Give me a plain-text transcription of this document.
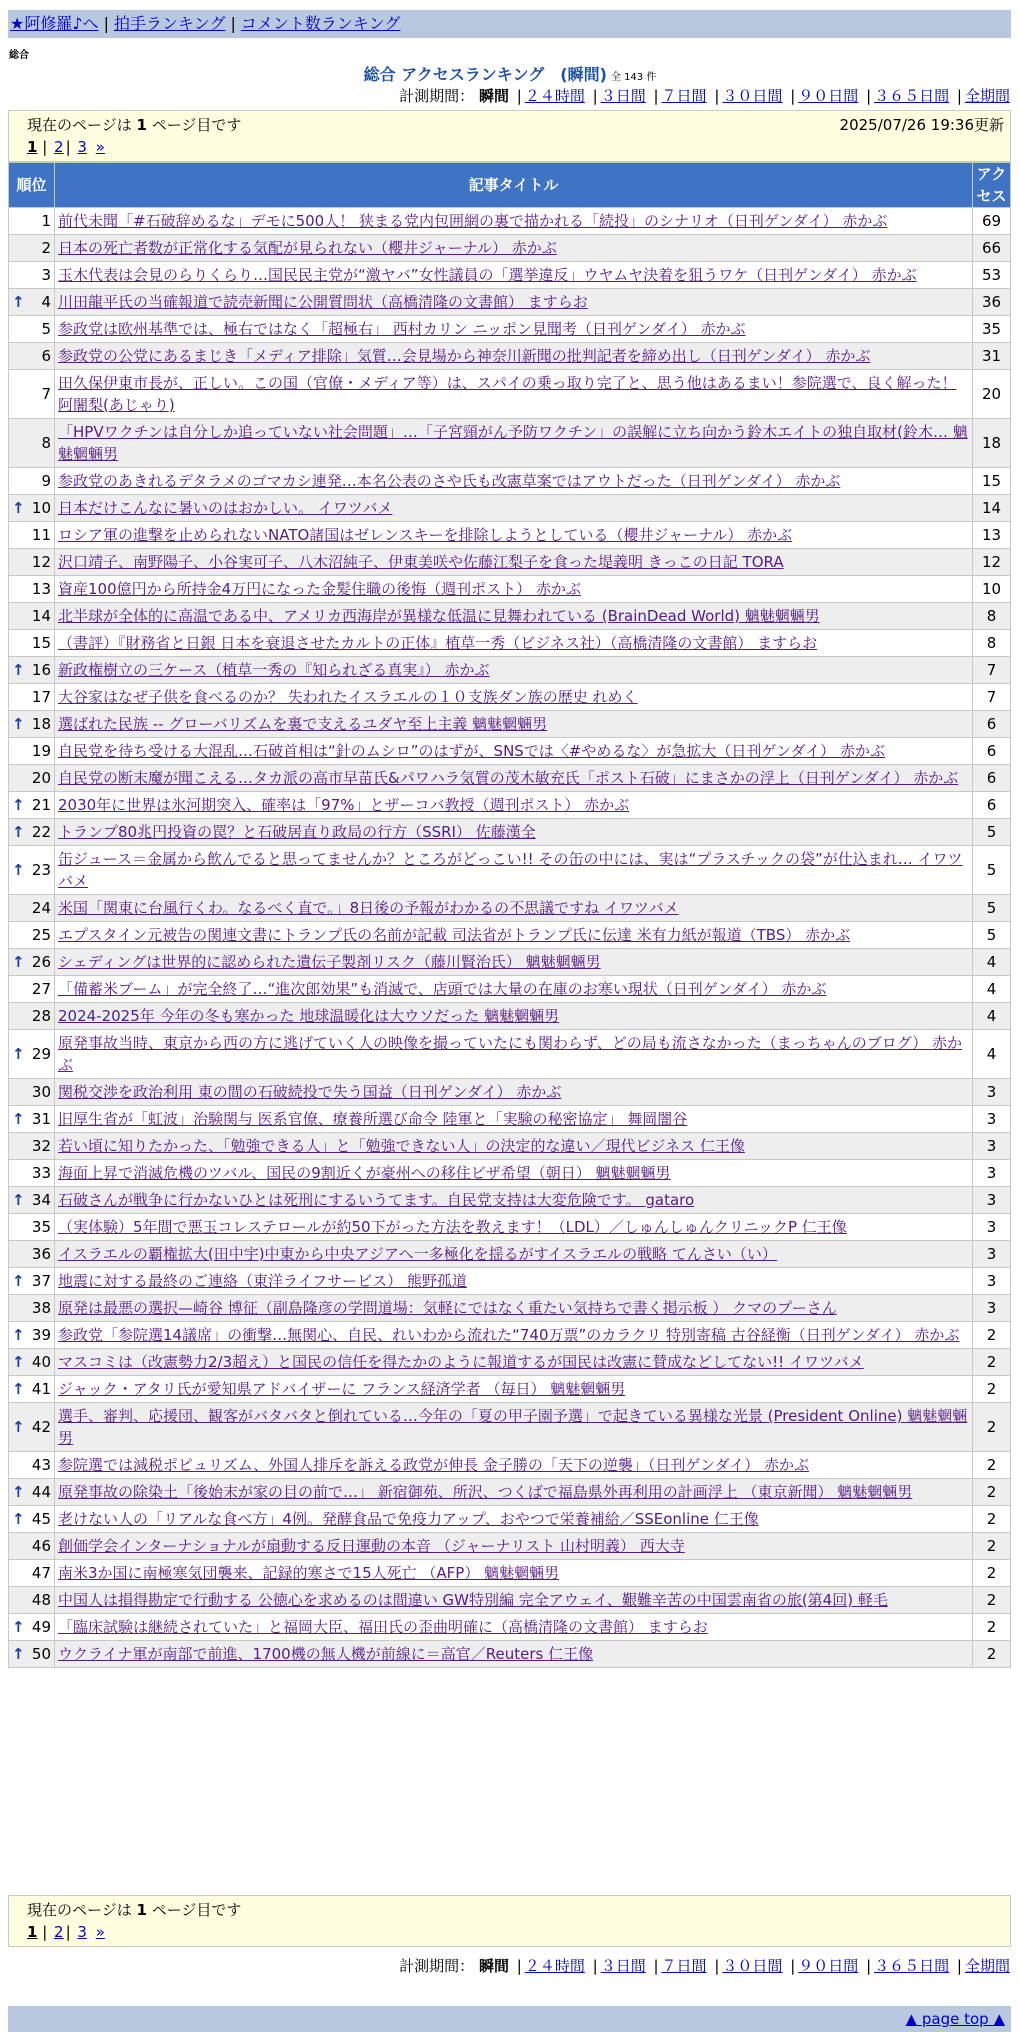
★阿修羅♪へ | 拍手ランキング | コメント数ランキング
総合
総合 アクセスランキング　(瞬間) 全 143 件
計測期間： 瞬間 | ２４時間 | ３日間 | ７日間 | ３０日間 | ９０日間 | ３６５日間 | 全期間
現在のページは 1 ページ目です	2025/07/26 19:36更新
1 | 2 | 3 »
順位	記事タイトル	アクセス
1	前代未聞「#石破辞めるな」デモに500人！ 狭まる党内包囲網の裏で描かれる「続投」のシナリオ（日刊ゲンダイ） 赤かぶ	69
2	日本の死亡者数が正常化する気配が見られない（櫻井ジャーナル） 赤かぶ	66
3	玉木代表は会見のらりくらり…国民民主党が“激ヤバ”女性議員の「選挙違反」ウヤムヤ決着を狙うワケ（日刊ゲンダイ） 赤かぶ	53

↑ 4	川田龍平氏の当確報道で読売新聞に公開質問状（高橋清隆の文書館） ますらお	36
5	参政党は欧州基準では、極右ではなく「超極右」 西村カリン ニッポン見聞考（日刊ゲンダイ） 赤かぶ	35
6	参政党の公党にあるまじき「メディア排除」気質…会見場から神奈川新聞の批判記者を締め出し（日刊ゲンダイ） 赤かぶ	31
7	田久保伊東市長が、正しい。この国（官僚・メディア等）は、スパイの乗っ取り完了と、思う他はあるまい！参院選で、良く解った！ 阿闍梨(あじゃり)	20
8	「HPVワクチンは自分しか追っていない社会問題」…「子宮頸がん予防ワクチン」の誤解に立ち向かう鈴木エイトの独自取材(鈴木… 魑魅魍魎男	18
9	参政党のあきれるデタラメのゴマカシ連発…本名公表のさや氏も改憲草案ではアウトだった（日刊ゲンダイ） 赤かぶ	15

↑ 10	日本だけこんなに暑いのはおかしい。 イワツバメ	14
11	ロシア軍の進撃を止められないNATO諸国はゼレンスキーを排除しようとしている（櫻井ジャーナル） 赤かぶ	13
12	沢口靖子、南野陽子、小谷実可子、八木沼純子、伊東美咲や佐藤江梨子を食った堤義明 きっこの日記 TORA	12
13	資産100億円から所持金4万円になった金髪住職の後悔（週刊ポスト） 赤かぶ	10
14	北半球が全体的に高温である中、アメリカ西海岸が異様な低温に見舞われている (BrainDead World) 魑魅魍魎男	8
15	（書評）『財務省と日銀 日本を衰退させたカルトの正体』植草一秀（ビジネス社）（高橋清隆の文書館） ますらお	8

↑ 16	新政権樹立の三ケース（植草一秀の『知られざる真実』） 赤かぶ	7
17	大谷家はなぜ子供を食べるのか？ 失われたイスラエルの１０支族ダン族の歴史 れめく	7

↑ 18	選ばれた民族 -- グローバリズムを裏で支えるユダヤ至上主義 魑魅魍魎男	6
19	自民党を待ち受ける大混乱…石破首相は“針のムシロ”のはずが、SNSでは〈#やめるな〉が急拡大（日刊ゲンダイ） 赤かぶ	6
20	自民党の断末魔が聞こえる…タカ派の高市早苗氏&パワハラ気質の茂木敏充氏「ポスト石破」にまさかの浮上（日刊ゲンダイ） 赤かぶ	6

↑ 21	2030年に世界は氷河期突入、確率は「97%」とザーコバ教授（週刊ポスト） 赤かぶ	6

↑ 22	トランプ80兆円投資の罠？と石破居直り政局の行方（SSRI） 佐藤漢全	5

↑ 23	缶ジュース＝金属から飲んでると思ってませんか？ところがどっこい!! その缶の中には、実は“プラスチックの袋”が仕込まれ… イワツバメ	5
24	米国「関東に台風行くわ。なるべく直で。」8日後の予報がわかるの不思議ですね イワツバメ	5
25	エプスタイン元被告の関連文書にトランプ氏の名前が記載 司法省がトランプ氏に伝達 米有力紙が報道（TBS） 赤かぶ	5

↑ 26	シェディングは世界的に認められた遺伝子製剤リスク（藤川賢治氏） 魑魅魍魎男	4
27	「備蓄米ブーム」が完全終了…“進次郎効果”も消滅で、店頭では大量の在庫のお寒い現状（日刊ゲンダイ） 赤かぶ	4
28	2024-2025年 今年の冬も寒かった 地球温暖化は大ウソだった 魑魅魍魎男	4

↑ 29	原発事故当時、東京から西の方に逃げていく人の映像を撮っていたにも関わらず、どの局も流さなかった（まっちゃんのブログ） 赤かぶ	4
30	関税交渉を政治利用 東の間の石破続投で失う国益（日刊ゲンダイ） 赤かぶ	3

↑ 31	旧厚生省が「虹波」治験関与 医系官僚、療養所選び命令 陸軍と「実験の秘密協定」 舞岡闇谷	3
32	若い頃に知りたかった、「勉強できる人」と「勉強できない人」の決定的な違い／現代ビジネス 仁王像	3
33	海面上昇で消滅危機のツバル、国民の9割近くが豪州への移住ビザ希望（朝日） 魑魅魍魎男	3

↑ 34	石破さんが戦争に行かないひとは死刑にするいうてます。自民党支持は大変危険です。 gataro	3
35	（実体験）5年間で悪玉コレステロールが約50下がった方法を教えます！（LDL）／しゅんしゅんクリニックP 仁王像	3
36	イスラエルの覇権拡大(田中宇)中東から中央アジアへ一多極化を揺るがすイスラエルの戦略 てんさい（い）	3

↑ 37	地震に対する最終のご連絡（東洋ライフサービス） 熊野孤道	3
38	原発は最悪の選択—崎谷 博征（副島隆彦の学問道場：気軽にではなく重たい気持ちで書く掲示板 ） クマのプーさん	3

↑ 39	参政党「参院選14議席」の衝撃…無関心、自民、れいわから流れた“740万票”のカラクリ 特別寄稿 古谷経衡（日刊ゲンダイ） 赤かぶ	2

↑ 40	マスコミは（改憲勢力2/3超え）と国民の信任を得たかのように報道するが国民は改憲に賛成などしてない!! イワツバメ	2

↑ 41	ジャック・アタリ氏が愛知県アドバイザーに フランス経済学者 （毎日） 魑魅魍魎男	2

↑ 42	選手、審判、応援団、観客がバタバタと倒れている…今年の「夏の甲子園予選」で起きている異様な光景 (President Online) 魑魅魍魎男	2
43	参院選では減税ポピュリズム、外国人排斥を訴える政党が伸長 金子勝の「天下の逆襲」（日刊ゲンダイ） 赤かぶ	2

↑ 44	原発事故の除染土「後始末が家の目の前で…」 新宿御苑、所沢、つくばで福島県外再利用の計画浮上 （東京新聞） 魑魅魍魎男	2

↑ 45	老けない人の「リアルな食べ方」4例。発酵食品で免疫力アップ、おやつで栄養補給／SSEonline 仁王像	2
46	創価学会インターナショナルが扇動する反日運動の本音 （ジャーナリスト 山村明義） 西大寺	2
47	南米3か国に南極寒気団襲来、記録的寒さで15人死亡 （AFP） 魑魅魍魎男	2
48	中国人は損得勘定で行動する 公徳心を求めるのは間違い GW特別編 完全アウェイ、艱難辛苦の中国雲南省の旅(第4回) 軽毛	2

↑ 49	「臨床試験は継続されていた」と福岡大臣、福田氏の歪曲明確に（高橋清隆の文書館） ますらお	2

↑ 50	ウクライナ軍が南部で前進、1700機の無人機が前線に＝高官／Reuters 仁王像	2
現在のページは 1 ページ目です
1 | 2 | 3 »
計測期間： 瞬間 | ２４時間 | ３日間 | ７日間 | ３０日間 | ９０日間 | ３６５日間 | 全期間
▲ page top ▲
